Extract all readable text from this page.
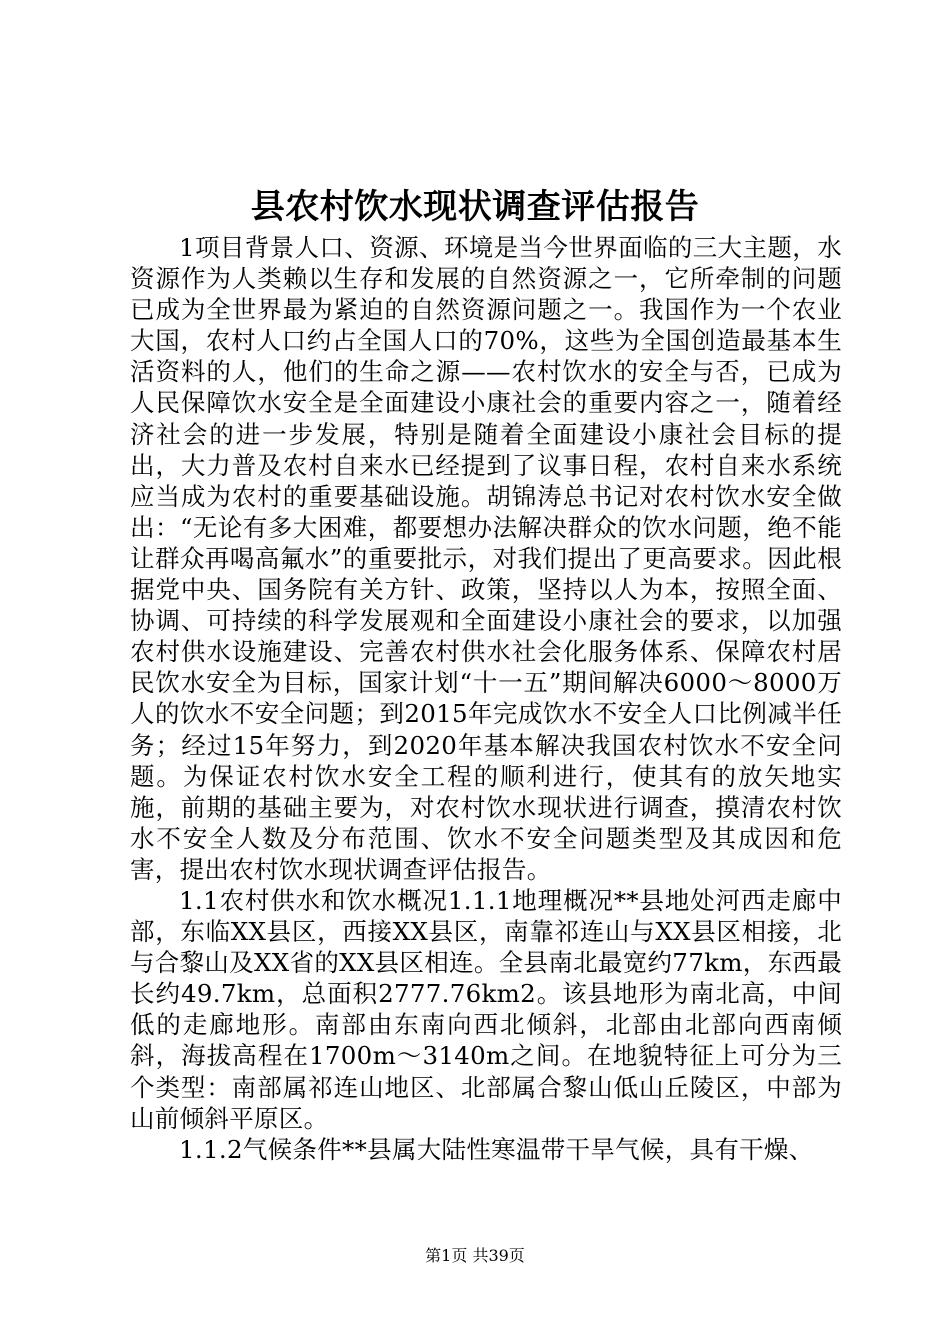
县农村饮水现状调查评估报告

1项目背景人口、资源、环境是当今世界面临的三大主题，水资源作为人类赖以生存和发展的自然资源之一，它所牵制的问题已成为全世界最为紧迫的自然资源问题之一。我国作为一个农业大国，农村人口约占全国人口的70%，这些为全国创造最基本生活资料的人，他们的生命之源——农村饮水的安全与否，已成为人民保障饮水安全是全面建设小康社会的重要内容之一，随着经济社会的进一步发展，特别是随着全面建设小康社会目标的提出，大力普及农村自来水已经提到了议事日程，农村自来水系统应当成为农村的重要基础设施。胡锦涛总书记对农村饮水安全做出：“无论有多大困难，都要想办法解决群众的饮水问题，绝不能让群众再喝高氟水”的重要批示，对我们提出了更高要求。因此根据党中央、国务院有关方针、政策，坚持以人为本，按照全面、协调、可持续的科学发展观和全面建设小康社会的要求，以加强农村供水设施建设、完善农村供水社会化服务体系、保障农村居民饮水安全为目标，国家计划“十一五”期间解决6000～8000万人的饮水不安全问题；到2015年完成饮水不安全人口比例减半任务；经过15年努力，到2020年基本解决我国农村饮水不安全问题。为保证农村饮水安全工程的顺利进行，使其有的放矢地实施，前期的基础主要为，对农村饮水现状进行调查，摸清农村饮水不安全人数及分布范围、饮水不安全问题类型及其成因和危害，提出农村饮水现状调查评估报告。

1.1农村供水和饮水概况1.1.1地理概况**县地处河西走廊中部，东临XX县区，西接XX县区，南靠祁连山与XX县区相接，北与合黎山及XX省的XX县区相连。全县南北最宽约77km，东西最长约49.7km，总面积2777.76km2。该县地形为南北高，中间低的走廊地形。南部由东南向西北倾斜，北部由北部向西南倾斜，海拔高程在1700m～3140m之间。在地貌特征上可分为三个类型：南部属祁连山地区、北部属合黎山低山丘陵区，中部为山前倾斜平原区。

1.1.2气候条件**县属大陆性寒温带干旱气候，具有干燥、

第1页 共39页
